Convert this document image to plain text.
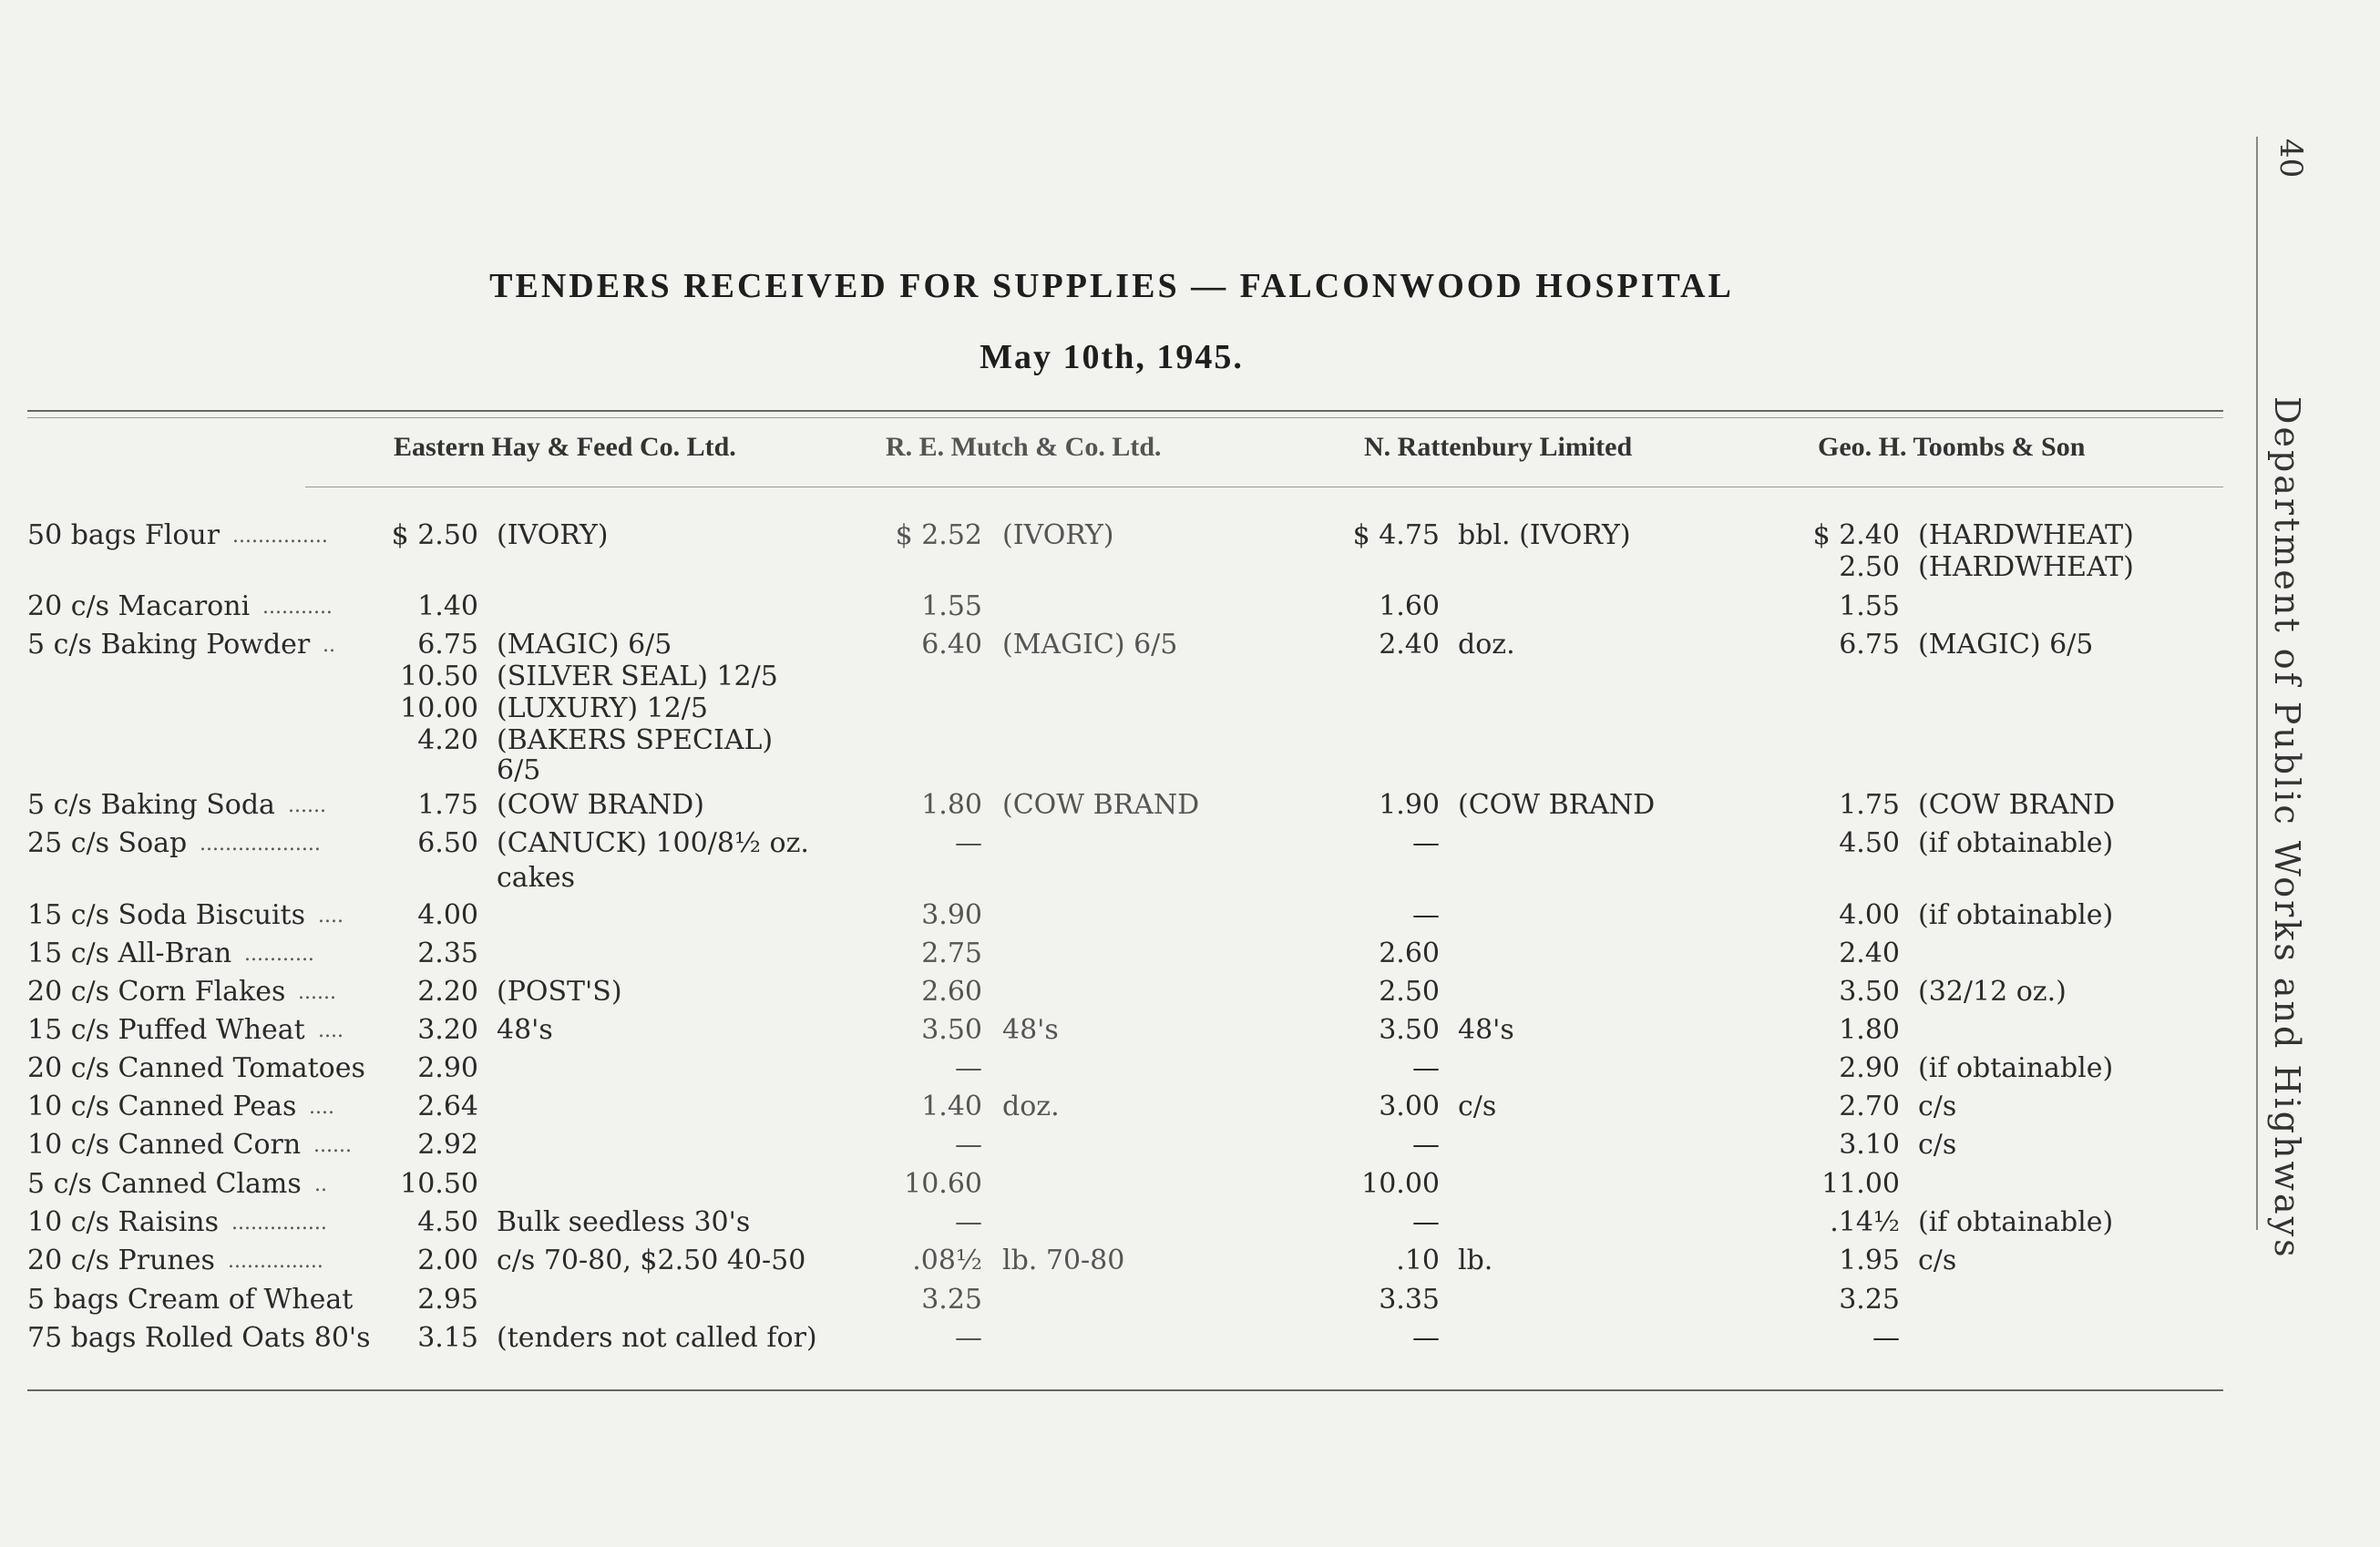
TENDERS RECEIVED FOR SUPPLIES — FALCONWOOD HOSPITAL
May 10th, 1945.
Eastern Hay & Feed Co. Ltd.	R. E. Mutch & Co. Ltd.	N. Rattenbury Limited	Geo. H. Toombs & Son
50 bags Flour ............... $ 2.50 (IVORY)	$ 2.52 (IVORY)	$ 4.75 bbl. (IVORY)	$ 2.40 (HARDWHEAT)
2.50 (HARDWHEAT)
20 c/s Macaroni ...........	1.40	1.55	1.60	1.55
5 c/s Baking Powder ..	6.75 (MAGIC) 6/5	6.40 (MAGIC) 6/5	2.40 doz.	6.75 (MAGIC) 6/5
10.50 (SILVER SEAL) 12/5
10.00 (LUXURY) 12/5
4.20 (BAKERS SPECIAL)
6/5
5 c/s Baking Soda ......	1.75 (COW BRAND)	1.80 (COW BRAND	1.90 (COW BRAND	1.75 (COW BRAND
25 c/s Soap ...................	6.50 (CANUCK) 100/8½ oz.	—	—	4.50 (if obtainable)
cakes
15 c/s Soda Biscuits ....	4.00	3.90	—	4.00 (if obtainable)
15 c/s All-Bran ...........	2.35	2.75	2.60	2.40
20 c/s Corn Flakes ......	2.20 (POST'S)	2.60	2.50	3.50 (32/12 oz.)
15 c/s Puffed Wheat ....	3.20 48's	3.50 48's	3.50 48's	1.80
20 c/s Canned Tomatoes 2.90	—	—	2.90 (if obtainable)
10 c/s Canned Peas ....	2.64	1.40 doz.	3.00 c/s	2.70 c/s
10 c/s Canned Corn ...... 2.92	—	—	3.10 c/s
5 c/s Canned Clams ..	10.50	10.60	10.00	11.00
10 c/s Raisins ...............	4.50 Bulk seedless 30's	—	—	.14½ (if obtainable)
20 c/s Prunes ...............	2.00 c/s 70-80, $2.50 40-50	.08½ lb. 70-80	.10 lb.	1.95 c/s
5 bags Cream of Wheat 2.95	3.25	3.35	3.25
75 bags Rolled Oats 80's 3.15 (tenders not called for)	—	—	—
40
Department of Public Works and Highways
